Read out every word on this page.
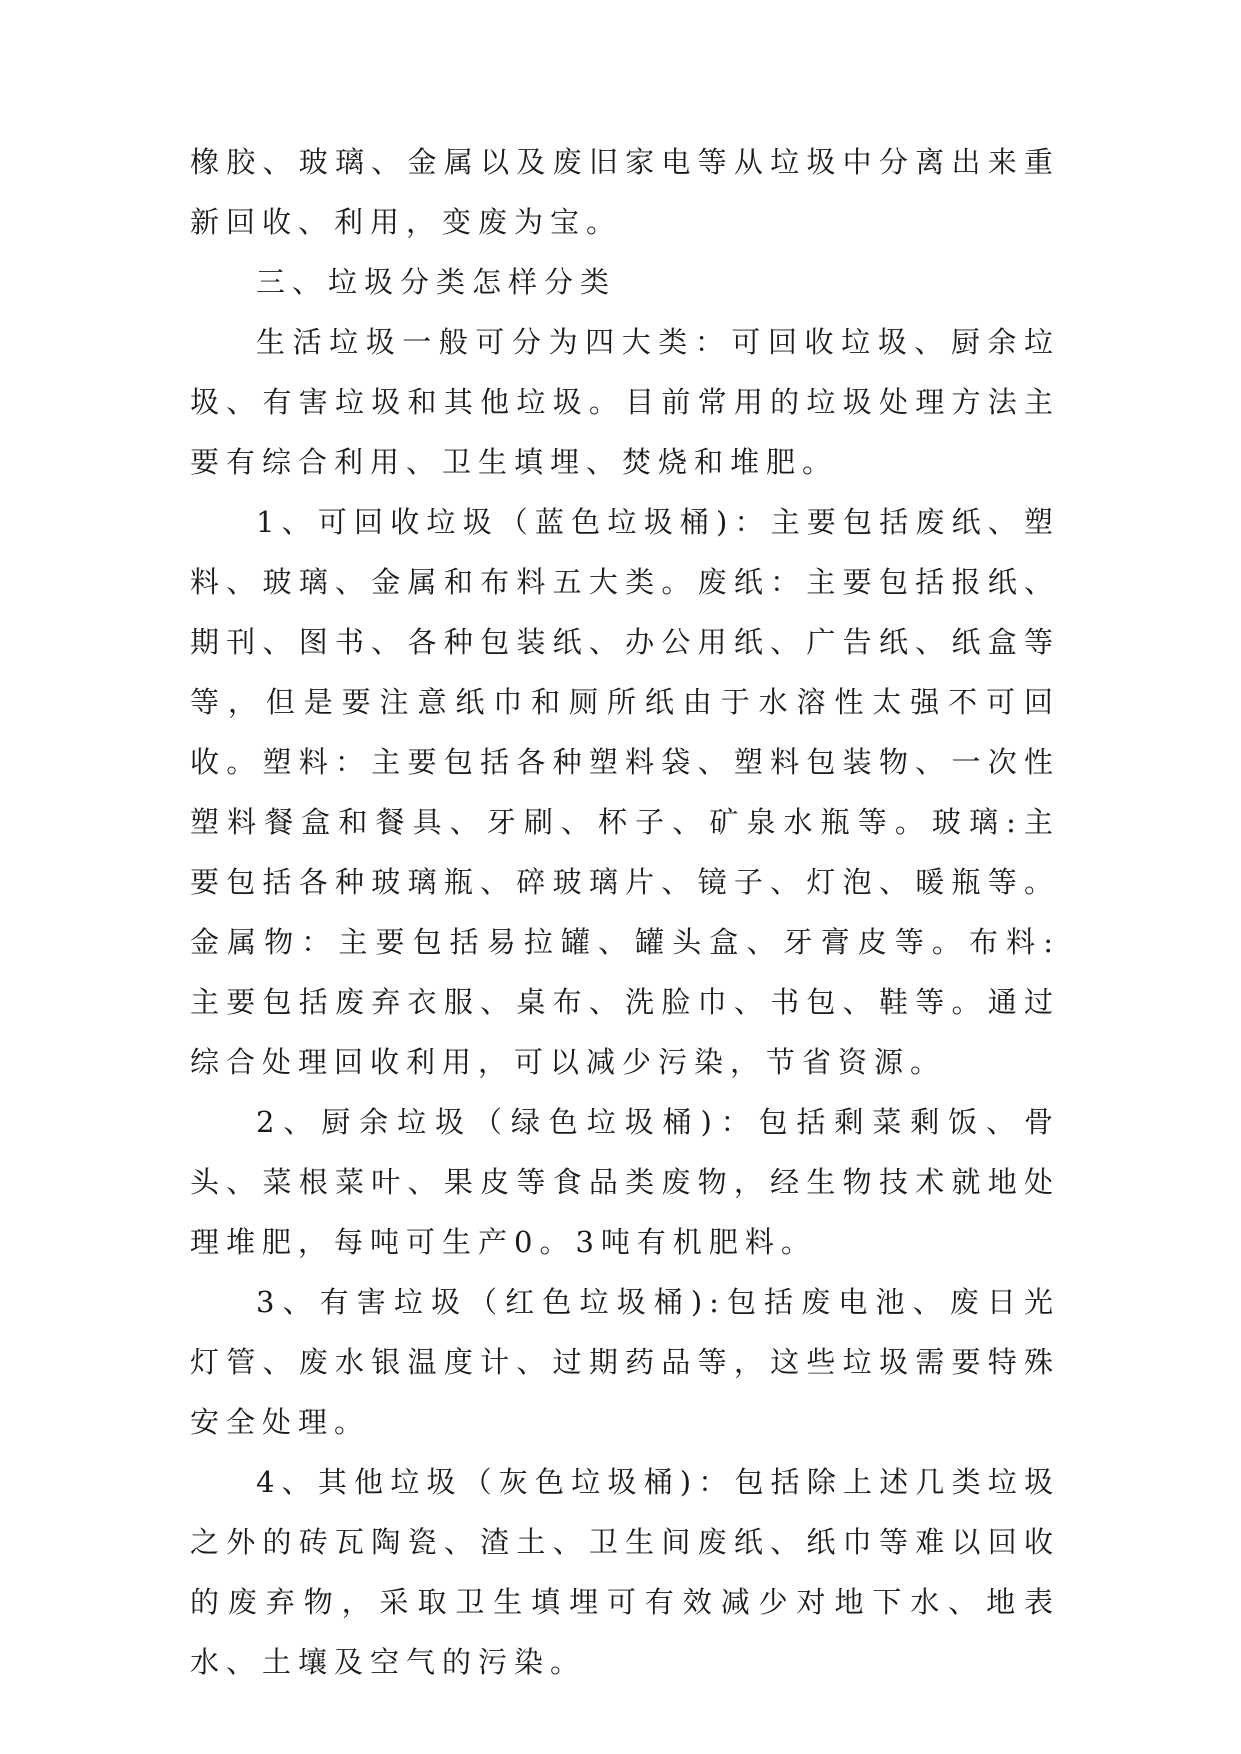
橡胶、玻璃、金属以及废旧家电等从垃圾中分离出来重新回收、利用，变废为宝。

三、垃圾分类怎样分类

生活垃圾一般可分为四大类：可回收垃圾、厨余垃圾、有害垃圾和其他垃圾。目前常用的垃圾处理方法主要有综合利用、卫生填埋、焚烧和堆肥。

1、可回收垃圾（蓝色垃圾桶)：主要包括废纸、塑料、玻璃、金属和布料五大类。废纸：主要包括报纸、期刊、图书、各种包装纸、办公用纸、广告纸、纸盒等等，但是要注意纸巾和厕所纸由于水溶性太强不可回收。塑料：主要包括各种塑料袋、塑料包装物、一次性塑料餐盒和餐具、牙刷、杯子、矿泉水瓶等。玻璃:主要包括各种玻璃瓶、碎玻璃片、镜子、灯泡、暖瓶等。金属物：主要包括易拉罐、罐头盒、牙膏皮等。布料:主要包括废弃衣服、桌布、洗脸巾、书包、鞋等。通过综合处理回收利用，可以减少污染，节省资源。

2、厨余垃圾（绿色垃圾桶)：包括剩菜剩饭、骨头、菜根菜叶、果皮等食品类废物，经生物技术就地处理堆肥，每吨可生产0。3吨有机肥料。

3、有害垃圾（红色垃圾桶):包括废电池、废日光灯管、废水银温度计、过期药品等，这些垃圾需要特殊安全处理。

4、其他垃圾（灰色垃圾桶)：包括除上述几类垃圾之外的砖瓦陶瓷、渣土、卫生间废纸、纸巾等难以回收的废弃物，采取卫生填埋可有效减少对地下水、地表水、土壤及空气的污染。
